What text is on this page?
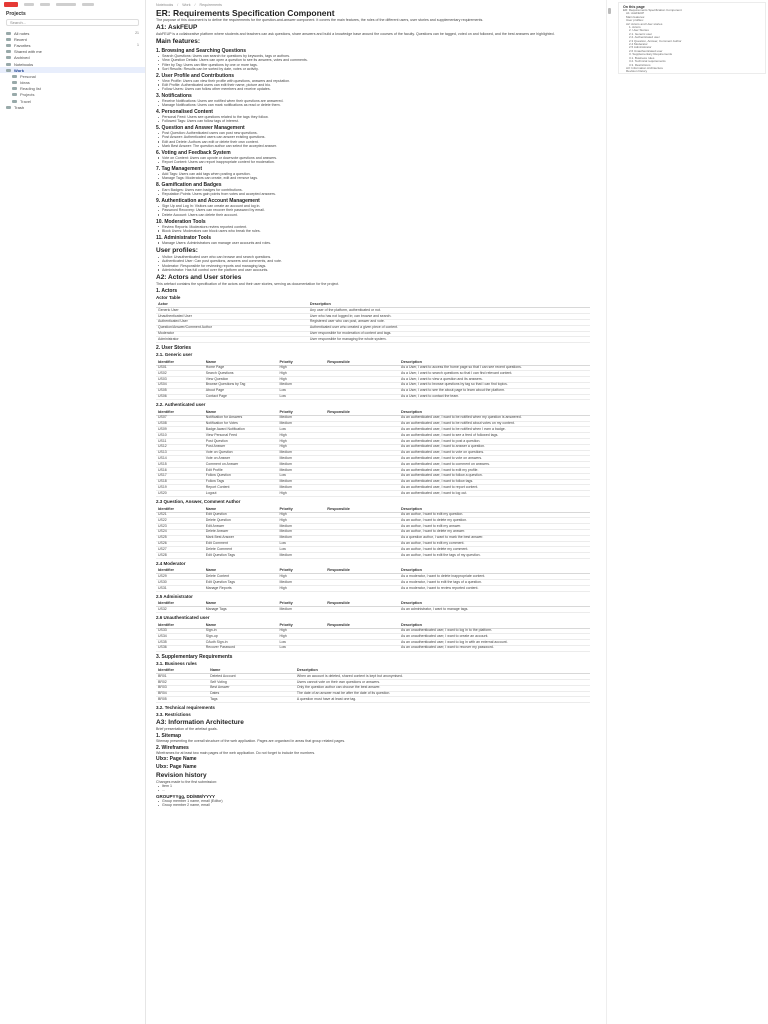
Projects
Search...
All notes	21
Recent
Favorites	1
Shared with me
Archived
Notebooks
Work
Personal
Ideas
Reading list
Projects
Travel
Trash
Notebooks / Work / Requirements
ER: Requirements Specification Component
The purpose of this document is to define the requirements for the question-and-answer component. It covers the main features, the roles of the different users, user stories and supplementary requirements.
A1: AskFEUP
AskFEUP is a collaborative platform where students and teachers can ask questions, share answers and build a knowledge base around the courses of the faculty. Questions can be tagged, voted on and followed, and the best answers are highlighted.
Main features:
1. Browsing and Searching Questions
Search Questions: Users can search for questions by keywords, tags or authors.
View Question Details: Users can open a question to see its answers, votes and comments.
Filter by Tag: Users can filter questions by one or more tags.
Sort Results: Results can be sorted by date, votes or activity.
2. User Profile and Contributions
View Profile: Users can view their profile with questions, answers and reputation.
Edit Profile: Authenticated users can edit their name, picture and bio.
Follow Users: Users can follow other members and receive updates.
3. Notifications
Receive Notifications: Users are notified when their questions are answered.
Manage Notifications: Users can mark notifications as read or delete them.
4. Personalised Content
Personal Feed: Users see questions related to the tags they follow.
Followed Tags: Users can follow tags of interest.
5. Question and Answer Management
Post Question: Authenticated users can post new questions.
Post Answer: Authenticated users can answer existing questions.
Edit and Delete: Authors can edit or delete their own content.
Mark Best Answer: The question author can select the accepted answer.
6. Voting and Feedback System
Vote on Content: Users can upvote or downvote questions and answers.
Report Content: Users can report inappropriate content for moderation.
7. Tag Management
Add Tags: Users can add tags when posting a question.
Manage Tags: Moderators can create, edit and remove tags.
8. Gamification and Badges
Earn Badges: Users earn badges for contributions.
Reputation Points: Users gain points from votes and accepted answers.
9. Authentication and Account Management
Sign Up and Log In: Visitors can create an account and log in.
Password Recovery: Users can recover their password by email.
Delete Account: Users can delete their account.
10. Moderation Tools
Review Reports: Moderators review reported content.
Block Users: Moderators can block users who break the rules.
11. Administrator Tools
Manage Users: Administrators can manage user accounts and roles.
User profiles:
Visitor: Unauthenticated user who can browse and search questions.
Authenticated User: Can post questions, answers and comments, and vote.
Moderator: Responsible for reviewing reports and managing tags.
Administrator: Has full control over the platform and user accounts.
A2: Actors and User stories
This artefact contains the specification of the actors and their user stories, serving as documentation for the project.
1. Actors
Actor Table
Actor	Description
Generic User	Any user of the platform, authenticated or not.
Unauthenticated User	User who has not logged in; can browse and search.
Authenticated User	Registered user who can post, answer and vote.
Question/Answer/Comment Author	Authenticated user who created a given piece of content.
Moderator	User responsible for moderation of content and tags.
Administrator	User responsible for managing the whole system.
2. User Stories
2.1. Generic user
Identifier	Name	Priority	Responsible	Description
US01	Home Page	High		As a User, I want to access the home page so that I can see recent questions.
US02	Search Questions	High		As a User, I want to search questions so that I can find relevant content.
US03	View Question	High		As a User, I want to view a question and its answers.
US04	Browse Questions by Tag	Medium		As a User, I want to browse questions by tag so that I can find topics.
US05	About Page	Low		As a User, I want to see the about page to learn about the platform.
US06	Contact Page	Low		As a User, I want to contact the team.
2.2. Authenticated user
Identifier	Name	Priority	Responsible	Description
US07	Notification for Answers	Medium		As an authenticated user, I want to be notified when my question is answered.
US08	Notification for Votes	Medium		As an authenticated user, I want to be notified about votes on my content.
US09	Badge Award Notification	Low		As an authenticated user, I want to be notified when I earn a badge.
US10	View Personal Feed	High		As an authenticated user, I want to see a feed of followed tags.
US11	Post Question	High		As an authenticated user, I want to post a question.
US12	Post Answer	High		As an authenticated user, I want to answer a question.
US13	Vote on Question	Medium		As an authenticated user, I want to vote on questions.
US14	Vote on Answer	Medium		As an authenticated user, I want to vote on answers.
US15	Comment on Answer	Medium		As an authenticated user, I want to comment on answers.
US16	Edit Profile	Medium		As an authenticated user, I want to edit my profile.
US17	Follow Question	Low		As an authenticated user, I want to follow a question.
US18	Follow Tags	Medium		As an authenticated user, I want to follow tags.
US19	Report Content	Medium		As an authenticated user, I want to report content.
US20	Logout	High		As an authenticated user, I want to log out.
2.3 Question, Answer, Comment Author
Identifier	Name	Priority	Responsible	Description
US21	Edit Question	High		As an author, I want to edit my question.
US22	Delete Question	High		As an author, I want to delete my question.
US23	Edit Answer	Medium		As an author, I want to edit my answer.
US24	Delete Answer	Medium		As an author, I want to delete my answer.
US25	Mark Best Answer	Medium		As a question author, I want to mark the best answer.
US26	Edit Comment	Low		As an author, I want to edit my comment.
US27	Delete Comment	Low		As an author, I want to delete my comment.
US28	Edit Question Tags	Medium		As an author, I want to edit the tags of my question.
2.4 Moderator
Identifier	Name	Priority	Responsible	Description
US29	Delete Content	High		As a moderator, I want to delete inappropriate content.
US30	Edit Question Tags	Medium		As a moderator, I want to edit the tags of a question.
US31	Manage Reports	High		As a moderator, I want to review reported content.
2.5 Administrator
Identifier	Name	Priority	Responsible	Description
US32	Manage Tags	Medium		As an administrator, I want to manage tags.
2.6 Unauthenticated user
Identifier	Name	Priority	Responsible	Description
US33	Sign-in	High		As an unauthenticated user, I want to log in to the platform.
US34	Sign-up	High		As an unauthenticated user, I want to create an account.
US35	OAuth Sign-in	Low		As an unauthenticated user, I want to log in with an external account.
US36	Recover Password	Low		As an unauthenticated user, I want to recover my password.
3. Supplementary Requirements
3.1. Business rules
Identifier	Name	Description
BR01	Deleted Account	When an account is deleted, shared content is kept but anonymised.
BR02	Self Voting	Users cannot vote on their own questions or answers.
BR03	Best Answer	Only the question author can choose the best answer.
BR04	Dates	The date of an answer must be after the date of its question.
BR05	Tags	A question must have at least one tag.
3.2. Technical requirements
3.3. Restrictions
A3: Information Architecture
Brief presentation of the artefact goals.
1. Sitemap
Sitemap presenting the overall structure of the web application. Pages are organised in areas that group related pages.
2. Wireframes
Wireframes for at least two main pages of the web application. Do not forget to include the numbers.
UIxx: Page Name
UIxx: Page Name
Revision history
Changes made to the first submission:
Item 1
...
GROUPYYgg, DD/MM/YYYY
Group member 1 name, email (Editor)
Group member 2 name, email
On this page
ER: Requirements Specification Component
A1: AskFEUP
Main features:
User profiles:
A2: Actors and User stories
1. Actors
2. User Stories
2.1. Generic user
2.2. Authenticated user
2.3 Question, Answer, Comment Author
2.4 Moderator
2.5 Administrator
2.6 Unauthenticated user
3. Supplementary Requirements
3.1. Business rules
3.2. Technical requirements
3.3. Restrictions
A3: Information Architecture
Revision history
